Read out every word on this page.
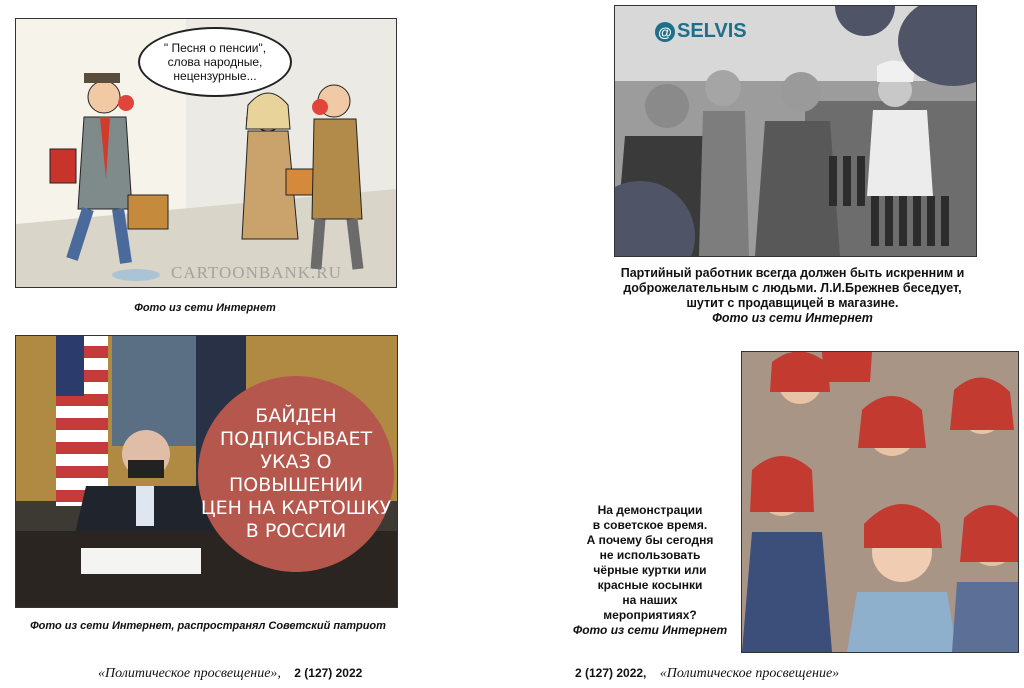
" Песня о пенсии",
слова народные,
нецензурные...
CARTOONBANK.RU
Фото из сети Интернет
@ SELVIS
Партийный работник всегда должен быть искренним и
доброжелательным с людьми. Л.И.Брежнев беседует,
шутит с продавщицей в магазине.
Фото из сети Интернет
БАЙДЕН
ПОДПИСЫВАЕТ
УКАЗ О ПОВЫШЕНИИ
ЦЕН НА КАРТОШКУ
В РОССИИ
Фото из сети Интернет, распространял Советский патриот
На демонстрации
в советское время.
А почему бы сегодня
не использовать
чёрные куртки или
красные косынки
на наших
мероприятиях?
Фото из сети Интернет
«Политическое просвещение», 2 (127) 2022	2 (127) 2022, «Политическое просвещение»
